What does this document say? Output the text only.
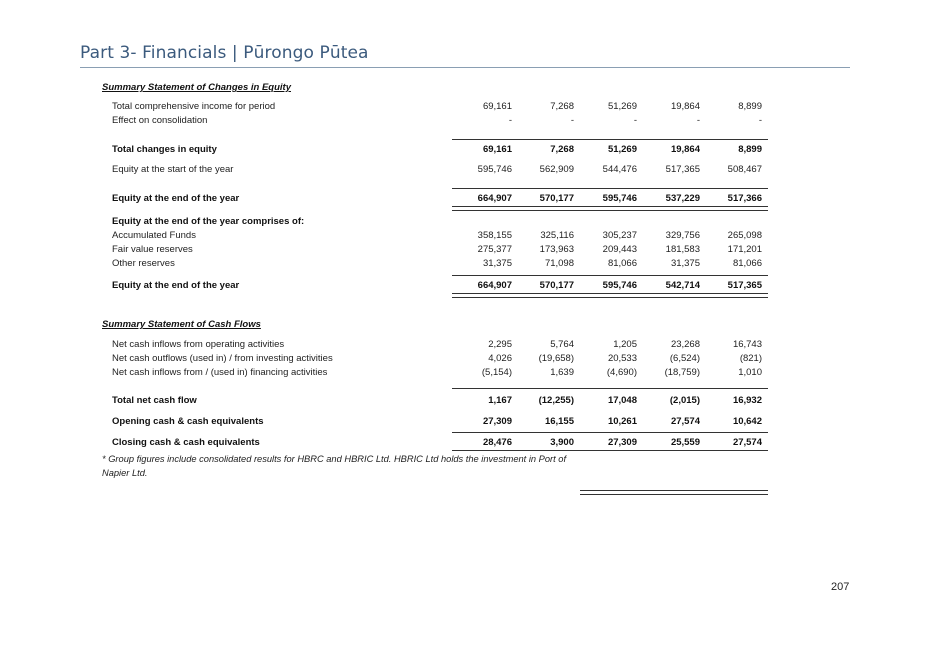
Part 3- Financials | Pūrongo Pūtea
Summary Statement of Changes in Equity
Total comprehensive income for period	69,161	7,268	51,269	19,864	8,899
Effect on consolidation	-	-	-	-	-
Total changes in equity	69,161	7,268	51,269	19,864	8,899
Equity at the start of the year	595,746	562,909	544,476	517,365	508,467
Equity at the end of the year	664,907	570,177	595,746	537,229	517,366
Equity at the end of the year comprises of:
Accumulated Funds	358,155	325,116	305,237	329,756	265,098
Fair value reserves	275,377	173,963	209,443	181,583	171,201
Other reserves	31,375	71,098	81,066	31,375	81,066
Equity at the end of the year	664,907	570,177	595,746	542,714	517,365
Summary Statement of Cash Flows
Net cash inflows from operating activities	2,295	5,764	1,205	23,268	16,743
Net cash outflows (used in) / from investing activities	4,026	(19,658)	20,533	(6,524)	(821)
Net cash inflows from / (used in) financing activities	(5,154)	1,639	(4,690)	(18,759)	1,010
Total net cash flow	1,167	(12,255)	17,048	(2,015)	16,932
Opening cash & cash equivalents	27,309	16,155	10,261	27,574	10,642
Closing cash & cash equivalents	28,476	3,900	27,309	25,559	27,574
* Group figures include consolidated results for HBRC and HBRIC Ltd. HBRIC Ltd holds the investment in Port of Napier Ltd.
207
